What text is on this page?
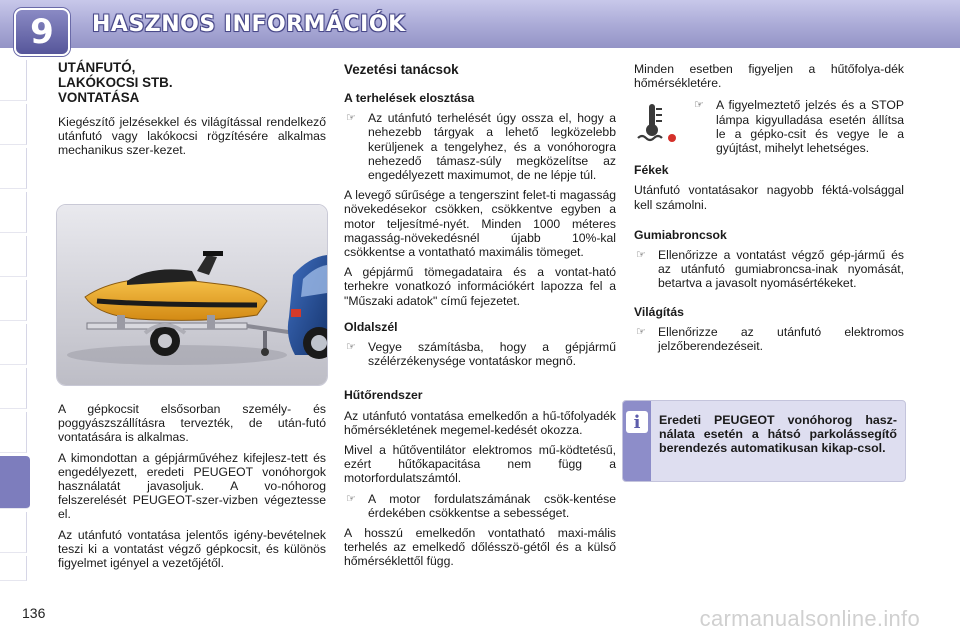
9	HASZNOS INFORMÁCIÓK
136
UTÁNFUTÓ,
LAKÓKOCSI STB.
VONTATÁSA

Kiegészítő jelzésekkel és világítással rendelkező utánfutó vagy lakókocsi rögzítésére alkalmas mechanikus szer-kezet.

A gépkocsit elsősorban személy- és poggyászszállításra tervezték, de után-futó vontatására is alkalmas.

A kimondottan a gépjárművéhez kifejlesz-tett és engedélyezett, eredeti PEUGEOT vonóhorgok használatát javasoljuk. A vo-nóhorog felszerelését PEUGEOT-szer-vizben végeztesse el.

Az utánfutó vontatása jelentős igény-bevételnek teszi ki a vontatást végző gépkocsit, és különös figyelmet igényel a vezetőjétől.

Vezetési tanácsok
A terhelések elosztása
☞ Az utánfutó terhelését úgy ossza el, hogy a nehezebb tárgyak a lehető legközelebb kerüljenek a tengelyhez, és a vonóhorogra nehezedő támasz-súly megközelítse az engedélyezett maximumot, de ne lépje túl.

A levegő sűrűsége a tengerszint felet-ti magasság növekedésekor csökken, csökkentve egyben a motor teljesítmé-nyét. Minden 1000 méteres magasság-növekedésnél újabb 10%-kal csökkentse a vontatható maximális tömeget.

A gépjármű tömegadataira és a vontat-ható terhekre vonatkozó információkért lapozza fel a "Műszaki adatok" című fejezetet.

Oldalszél
☞ Vegye számításba, hogy a gépjármű szélérzékenysége vontatáskor megnő.
Hűtőrendszer

Az utánfutó vontatása emelkedőn a hű-tőfolyadék hőmérsékletének megemel-kedését okozza.

Mivel a hűtőventilátor elektromos mű-ködtetésű, ezért hűtőkapacitása nem függ a motorfordulatszámtól.

☞ A motor fordulatszámának csök-kentése érdekében csökkentse a sebességet.

A hosszú emelkedőn vontatható maxi-mális terhelés az emelkedő dőlésszö-gétől és a külső hőmérséklettől függ.

Minden esetben figyeljen a hűtőfolya-dék hőmérsékletére.

☞ A figyelmeztető jelzés és a STOP lámpa kigyulladása esetén állítsa le a gépko-csit és vegye le a gyújtást, mihelyt lehetséges.
Fékek

Utánfutó vontatásakor nagyobb féktá-volsággal kell számolni.

Gumiabroncsok
☞ Ellenőrizze a vontatást végző gép-jármű és az utánfutó gumiabroncsa-inak nyomását, betartva a javasolt nyomásértékeket.
Világítás
☞ Ellenőrizze az utánfutó elektromos jelzőberendezéseit.
i	Eredeti PEUGEOT vonóhorog hasz-nálata esetén a hátsó parkolássegítő berendezés automatikusan kikap-csol.
carmanualsonline.info
